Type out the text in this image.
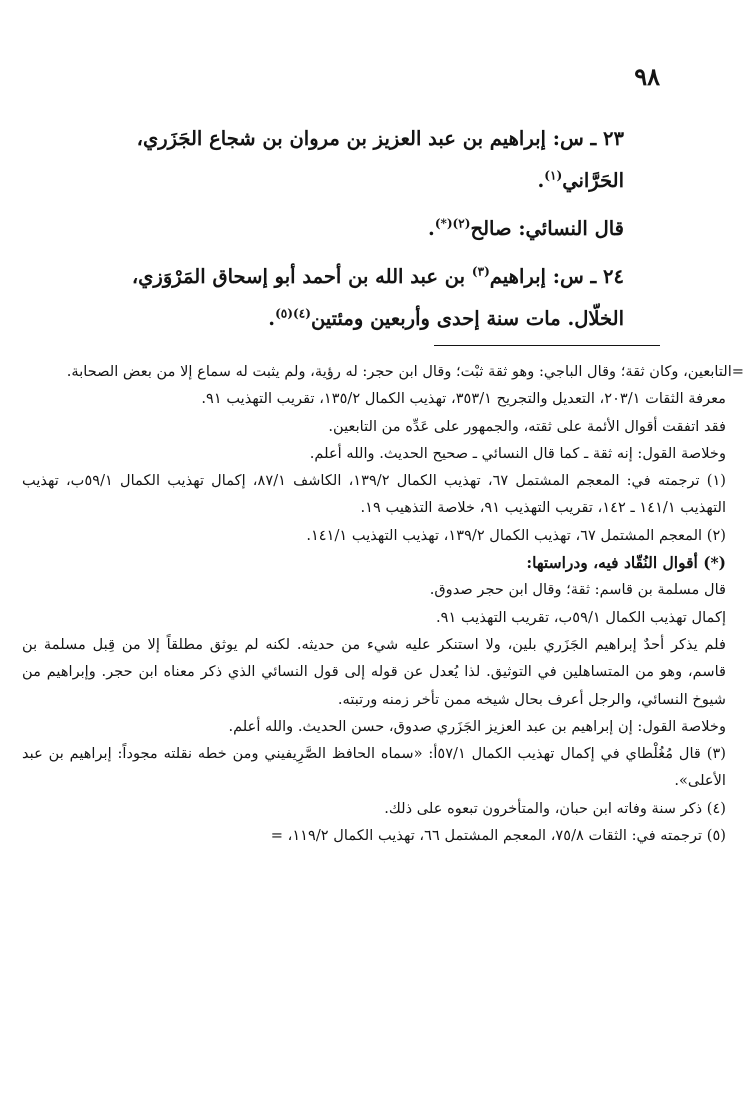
٩٨

٢٣ ـ س: إبراهيم بن عبد العزيز بن مروان بن شجاع الجَزَري،
الحَرَّاني$^{(١)}$.

قال النسائي: صالح$^{(٢)(*)}$.

٢٤ ـ س: إبراهيم$^{(٣)}$ بن عبد الله بن أحمد أبو إسحاق المَرْوَزي،
الخلّال. مات سنة إحدى وأربعين ومئتين$^{(٤)(٥)}$.

=التابعين، وكان ثقة؛ وقال الباجي: وهو ثقة ثبْت؛ وقال ابن حجر: له رؤية، ولم يثبت له سماع إلا من بعض الصحابة.

معرفة الثقات ٢٠٣/١، التعديل والتجريح ٣٥٣/١، تهذيب الكمال ١٣٥/٢، تقريب التهذيب ٩١.

فقد اتفقت أقوال الأئمة على ثقته، والجمهور على عَدِّه من التابعين.

وخلاصة القول: إنه ثقة ـ كما قال النسائي ـ صحيح الحديث. والله أعلم.

(١) ترجمته في: المعجم المشتمل ٦٧، تهذيب الكمال ١٣٩/٢، الكاشف ٨٧/١، إكمال تهذيب الكمال ٥٩/١ب، تهذيب التهذيب ١٤١/١ ـ ١٤٢، تقريب التهذيب ٩١، خلاصة التذهيب ١٩.

(٢) المعجم المشتمل ٦٧، تهذيب الكمال ١٣٩/٢، تهذيب التهذيب ١٤١/١.

(*) أقوال النُقّاد فيه، ودراستها:

قال مسلمة بن قاسم: ثقة؛ وقال ابن حجر صدوق.

إكمال تهذيب الكمال ٥٩/١ب، تقريب التهذيب ٩١.

فلم يذكر أحدٌ إبراهيم الجَزَري بلين، ولا استنكر عليه شيء من حديثه. لكنه لم يوثق مطلقاً إلا من قِبل مسلمة بن قاسم، وهو من المتساهلين في التوثيق. لذا يُعدل عن قوله إلى قول النسائي الذي ذكر معناه ابن حجر. وإبراهيم من شيوخ النسائي، والرجل أعرف بحال شيخه ممن تأخر زمنه ورتبته.

وخلاصة القول: إن إبراهيم بن عبد العزيز الجَزَري صدوق، حسن الحديث. والله أعلم.

(٣) قال مُغُلْطاي في إكمال تهذيب الكمال ٥٧/١أ: «سماه الحافظ الصَّرِيفيني ومن خطه نقلته مجوداً: إبراهيم بن عبد الأعلى».

(٤) ذكر سنة وفاته ابن حبان، والمتأخرون تبعوه على ذلك.

(٥) ترجمته في: الثقات ٧٥/٨، المعجم المشتمل ٦٦، تهذيب الكمال ١١٩/٢، =
